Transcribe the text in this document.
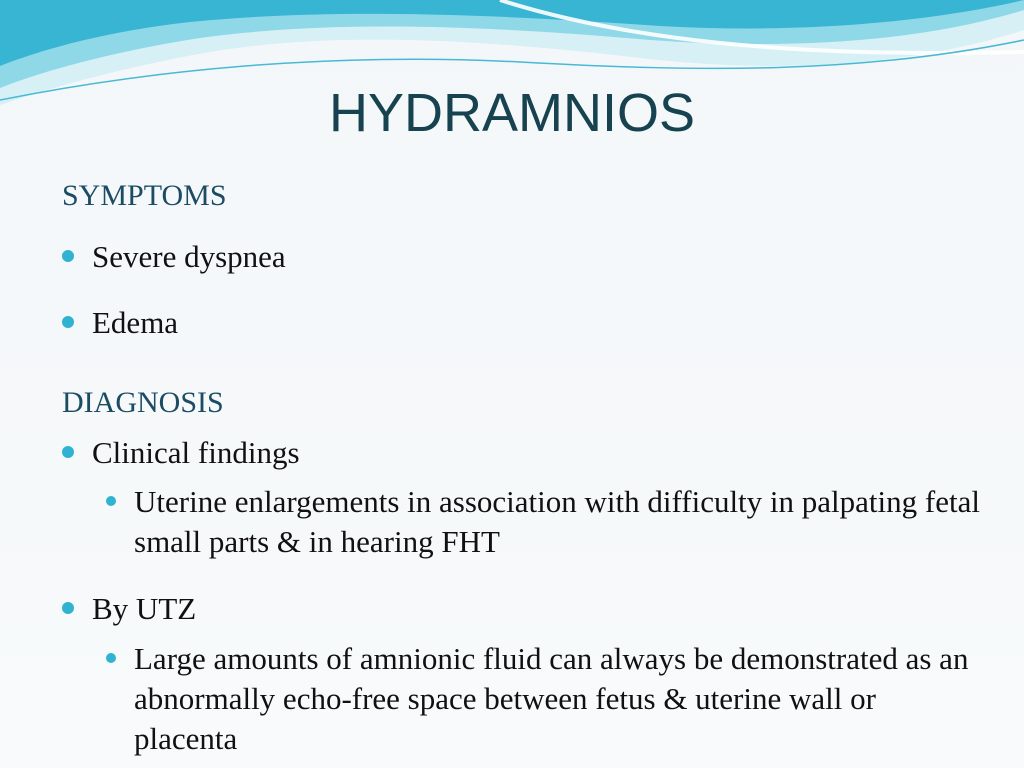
HYDRAMNIOS
SYMPTOMS
Severe dyspnea
Edema
DIAGNOSIS
Clinical findings
Uterine enlargements in association with difficulty in palpating fetal small parts & in hearing FHT
By UTZ
Large amounts of amnionic fluid can always be demonstrated as an abnormally echo-free space between fetus & uterine wall or placenta
